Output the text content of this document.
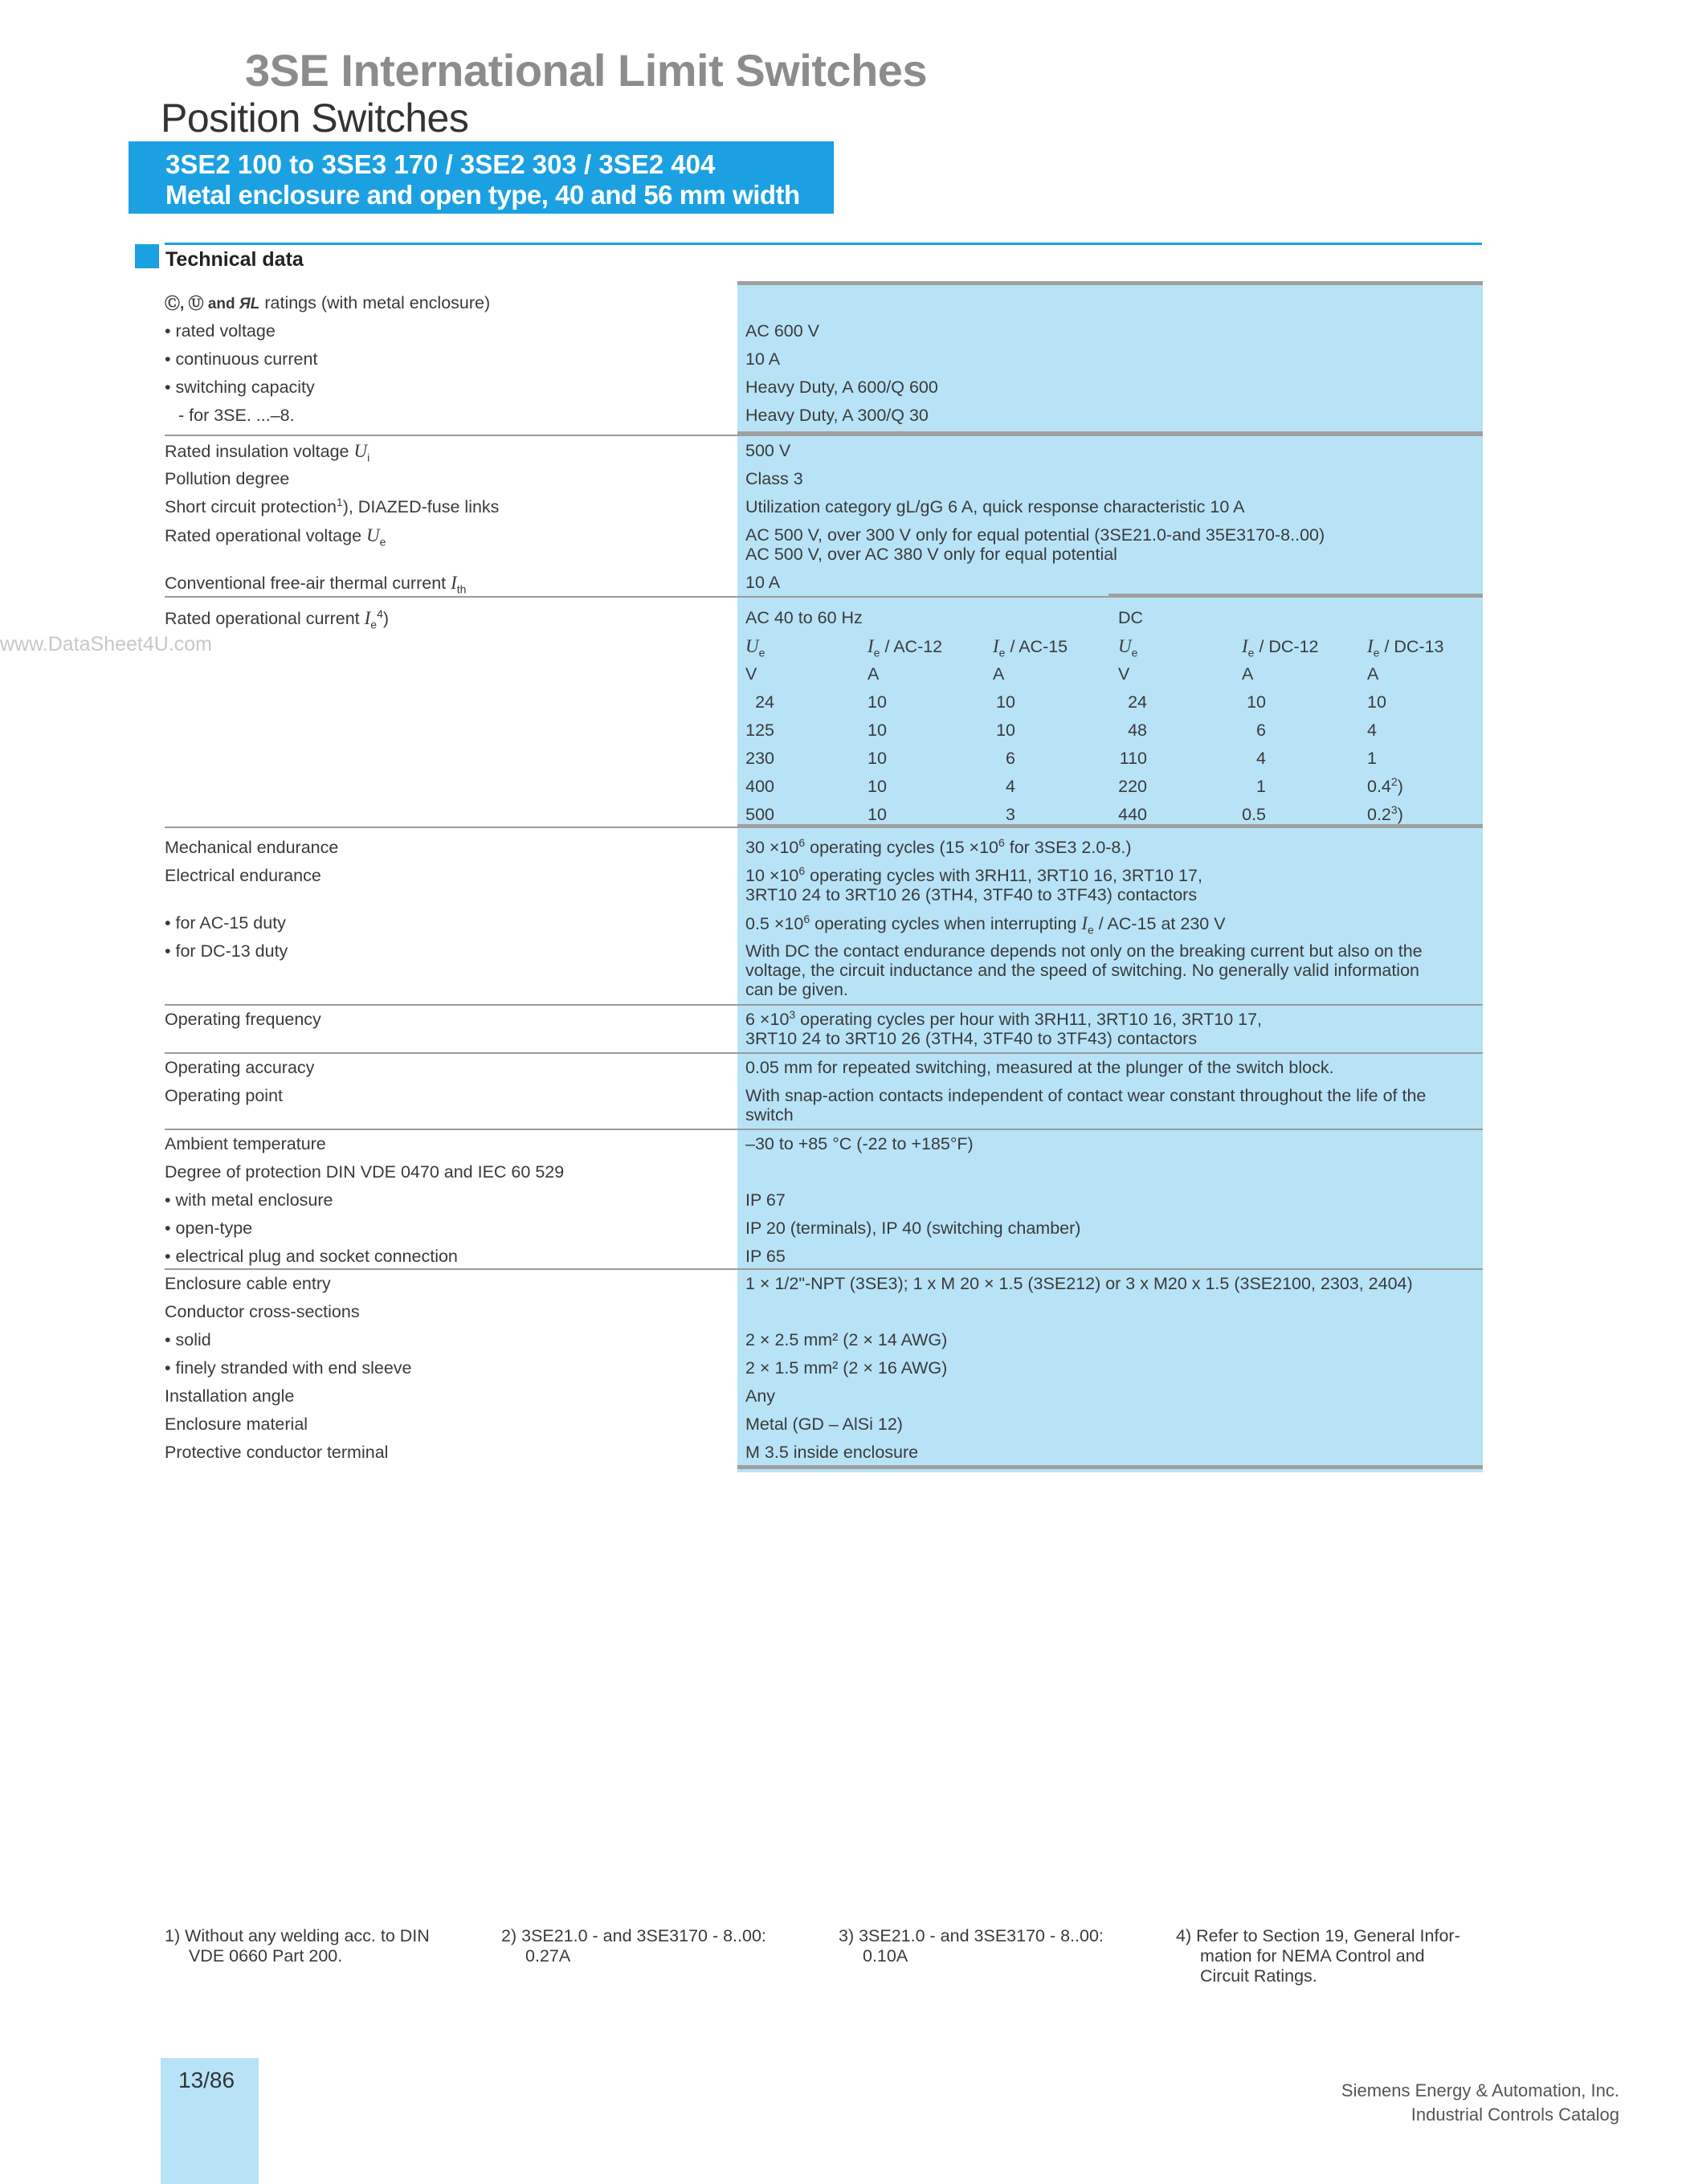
3SE International Limit Switches
Position Switches
3SE2 100 to 3SE3 170 / 3SE2 303 / 3SE2 404
Metal enclosure and open type, 40 and 56 mm width
Technical data
www.DataSheet4U.com
Ⓒ, Ⓤ and ЯL ratings (with metal enclosure)
• rated voltage	AC 600 V
• continuous current	10 A
• switching capacity	Heavy Duty, A 600/Q 600
- for 3SE. ...–8.	Heavy Duty, A 300/Q 30
Rated insulation voltage $U_i$	500 V
Pollution degree	Class 3
Short circuit protection$^1$), DIAZED-fuse links	Utilization category gL/gG 6 A, quick response characteristic 10 A
Rated operational voltage $U_e$	AC 500 V, over 300 V only for equal potential (3SE21.0-and 35E3170-8..00)
AC 500 V, over AC 380 V only for equal potential
Conventional free-air thermal current $I_{th}$	10 A
Rated operational current $I_e^4$)	AC 40 to 60 Hz	DC
$U_e$	$I_e / AC-12$	$I_e / AC-15$	$U_e$	$I_e / DC-12$	$I_e / DC-13$
V	A	A	V	A	A
24	10	10	24	10	10
125	10	10	48	6	4
230	10	6	110	4	1
400	10	4	220	1	$0.4^2$)
500	10	3	440	0.5	$0.2^3$)
Mechanical endurance	$30 \times 10^6$ operating cycles ($15 \times 10^6$ for 3SE3 2.0-8.)
Electrical endurance	$10 \times 10^6$ operating cycles with 3RH11, 3RT10 16, 3RT10 17,
3RT10 24 to 3RT10 26 (3TH4, 3TF40 to 3TF43) contactors
• for AC-15 duty	$0.5 \times 10^6$ operating cycles when interrupting $I_e / AC-15$ at 230 V
• for DC-13 duty	With DC the contact endurance depends not only on the breaking current but also on the
voltage, the circuit inductance and the speed of switching. No generally valid information
can be given.
Operating frequency	$6 \times 10^3$ operating cycles per hour with 3RH11, 3RT10 16, 3RT10 17,
3RT10 24 to 3RT10 26 (3TH4, 3TF40 to 3TF43) contactors
Operating accuracy	0.05 mm for repeated switching, measured at the plunger of the switch block.
Operating point	With snap-action contacts independent of contact wear constant throughout the life of the
switch
Ambient temperature	–30 to +85 °C (-22 to +185°F)
Degree of protection DIN VDE 0470 and IEC 60 529
• with metal enclosure	IP 67
• open-type	IP 20 (terminals), IP 40 (switching chamber)
• electrical plug and socket connection	IP 65
Enclosure cable entry	1 × 1/2"-NPT (3SE3); 1 x M 20 × 1.5 (3SE212) or 3 x M20 x 1.5 (3SE2100, 2303, 2404)
Conductor cross-sections
• solid	2 × 2.5 mm² (2 × 14 AWG)
• finely stranded with end sleeve	2 × 1.5 mm² (2 × 16 AWG)
Installation angle	Any
Enclosure material	Metal (GD – AlSi 12)
Protective conductor terminal	M 3.5 inside enclosure
1) Without any welding acc. to DIN
VDE 0660 Part 200.
2) 3SE21.0 - and 3SE3170 - 8..00:
0.27A
3) 3SE21.0 - and 3SE3170 - 8..00:
0.10A
4) Refer to Section 19, General Infor-
mation for NEMA Control and
Circuit Ratings.
13/86	Siemens Energy & Automation, Inc.
Industrial Controls Catalog
